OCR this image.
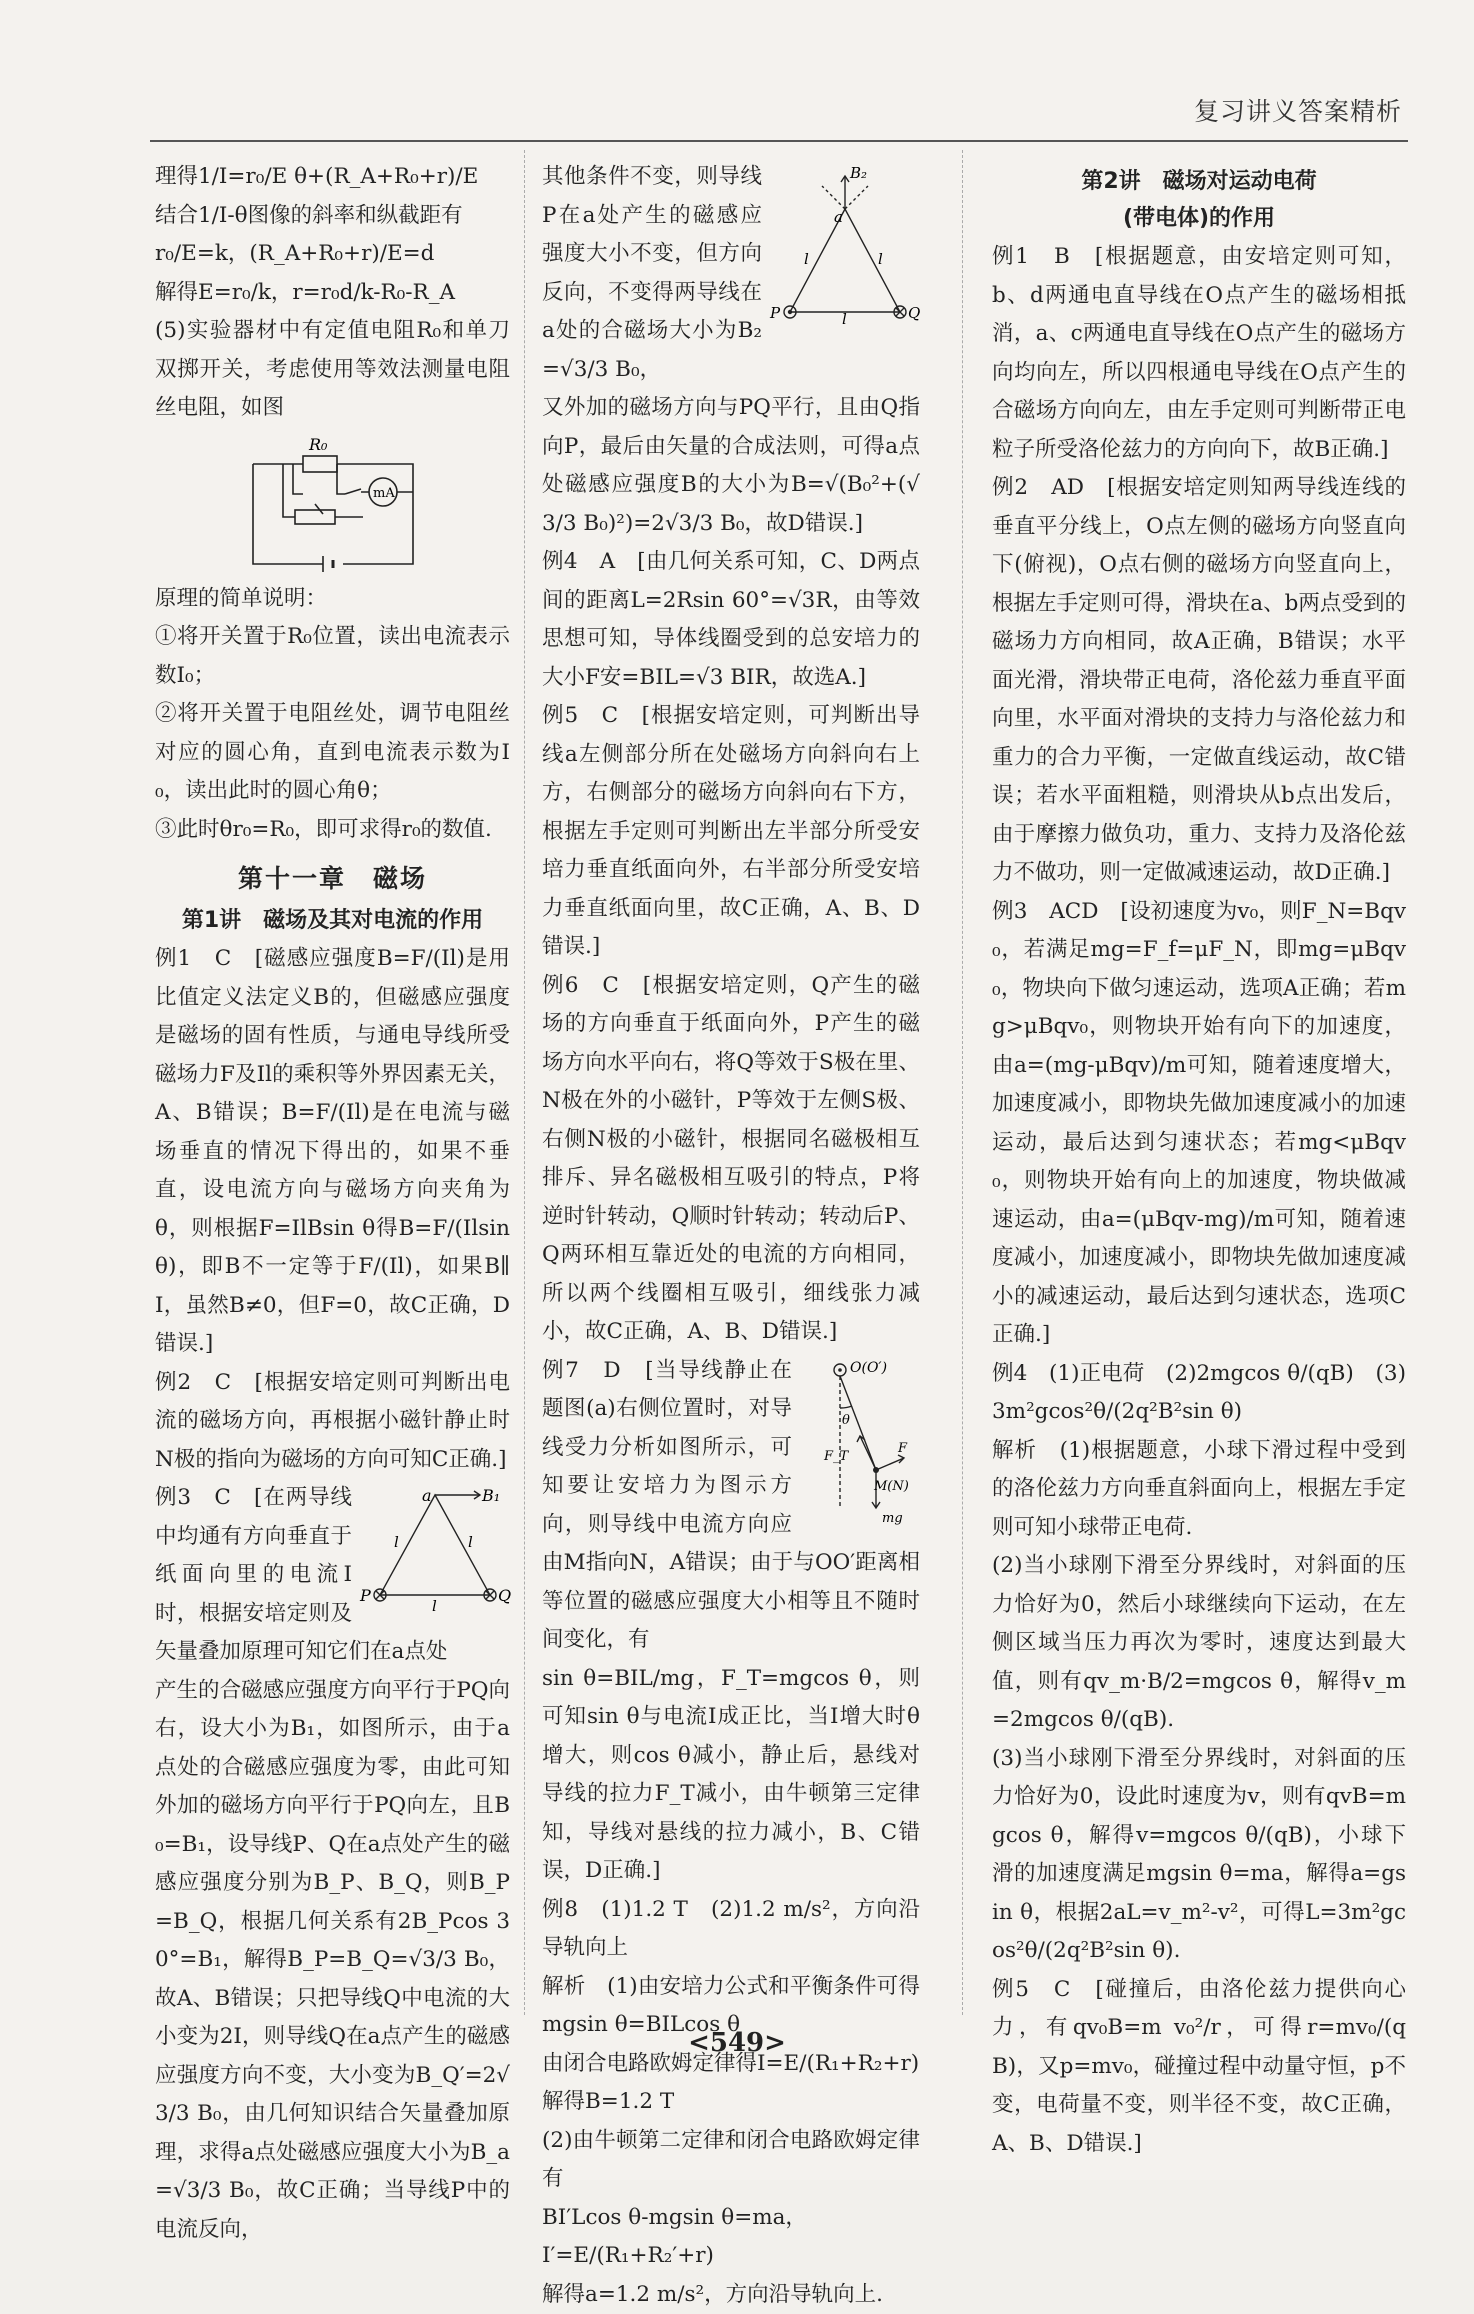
复习讲义答案精析

理得1/I=r₀/E θ+(R_A+R₀+r)/E

结合1/I-θ图像的斜率和纵截距有

r₀/E=k，(R_A+R₀+r)/E=d

解得E=r₀/k，r=r₀d/k-R₀-R_A

(5)实验器材中有定值电阻R₀和单刀双掷开关，考虑使用等效法测量电阻丝电阻，如图

R₀
mA

原理的简单说明：

①将开关置于R₀位置，读出电流表示数I₀；

②将开关置于电阻丝处，调节电阻丝对应的圆心角，直到电流表示数为I₀，读出此时的圆心角θ；

③此时θr₀=R₀，即可求得r₀的数值.

第十一章　磁场
第1讲　磁场及其对电流的作用

例1　C　[磁感应强度B=F/(Il)是用比值定义法定义B的，但磁感应强度是磁场的固有性质，与通电导线所受磁场力F及Il的乘积等外界因素无关，A、B错误；B=F/(Il)是在电流与磁场垂直的情况下得出的，如果不垂直，设电流方向与磁场方向夹角为θ，则根据F=IlBsin θ得B=F/(Ilsin θ)，即B不一定等于F/(Il)，如果B∥I，虽然B≠0，但F=0，故C正确，D错误.]

例2　C　[根据安培定则可判断出电流的磁场方向，再根据小磁针静止时N极的指向为磁场的方向可知C正确.]

a	B₁
l	l
l
P	Q

例3　C　[在两导线中均通有方向垂直于纸面向里的电流I时，根据安培定则及矢量叠加原理可知它们在a点处

产生的合磁感应强度方向平行于PQ向右，设大小为B₁，如图所示，由于a点处的合磁感应强度为零，由此可知外加的磁场方向平行于PQ向左，且B₀=B₁，设导线P、Q在a点处产生的磁感应强度分别为B_P、B_Q，则B_P=B_Q，根据几何关系有2B_Pcos 30°=B₁，解得B_P=B_Q=√3/3 B₀，故A、B错误；只把导线Q中电流的大小变为2I，则导线Q在a点产生的磁感应强度方向不变，大小变为B_Q′=2√3/3 B₀，由几何知识结合矢量叠加原理，求得a点处磁感应强度大小为B_a=√3/3 B₀，故C正确；当导线P中的电流反向，

B₂
a
l	l
l
P	Q

其他条件不变，则导线P在a处产生的磁感应强度大小不变，但方向反向，不变得两导线在a处的合磁场大小为B₂=√3/3 B₀，

又外加的磁场方向与PQ平行，且由Q指向P，最后由矢量的合成法则，可得a点处磁感应强度B的大小为B=√(B₀²+(√3/3 B₀)²)=2√3/3 B₀，故D错误.]

例4　A　[由几何关系可知，C、D两点间的距离L=2Rsin 60°=√3R，由等效思想可知，导体线圈受到的总安培力的大小F安=BIL=√3 BIR，故选A.]

例5　C　[根据安培定则，可判断出导线a左侧部分所在处磁场方向斜向右上方，右侧部分的磁场方向斜向右下方，根据左手定则可判断出左半部分所受安培力垂直纸面向外，右半部分所受安培力垂直纸面向里，故C正确，A、B、D错误.]

例6　C　[根据安培定则，Q产生的磁场的方向垂直于纸面向外，P产生的磁场方向水平向右，将Q等效于S极在里、N极在外的小磁针，P等效于左侧S极、右侧N极的小磁针，根据同名磁极相互排斥、异名磁极相互吸引的特点，P将逆时针转动，Q顺时针转动；转动后P、Q两环相互靠近处的电流的方向相同，所以两个线圈相互吸引，细线张力减小，故C正确，A、B、D错误.]

O(O′)
θ
F_T
F
M(N)
mg

例7　D　[当导线静止在题图(a)右侧位置时，对导线受力分析如图所示，可知要让安培力为图示方向，则导线中电流方向应由M指向N，A错误；由于与OO′距离相等位置的磁感应强度大小相等且不随时间变化，有

sin θ=BIL/mg，F_T=mgcos θ，则可知sin θ与电流I成正比，当I增大时θ增大，则cos θ减小，静止后，悬线对导线的拉力F_T减小，由牛顿第三定律知，导线对悬线的拉力减小，B、C错误，D正确.]

例8　(1)1.2 T　(2)1.2 m/s²，方向沿导轨向上

解析　(1)由安培力公式和平衡条件可得mgsin θ=BILcos θ

由闭合电路欧姆定律得I=E/(R₁+R₂+r)

解得B=1.2 T

(2)由牛顿第二定律和闭合电路欧姆定律有

BI′Lcos θ-mgsin θ=ma，

I′=E/(R₁+R₂′+r)

解得a=1.2 m/s²，方向沿导轨向上.

第2讲　磁场对运动电荷
(带电体)的作用

例1　B　[根据题意，由安培定则可知，b、d两通电直导线在O点产生的磁场相抵消，a、c两通电直导线在O点产生的磁场方向均向左，所以四根通电导线在O点产生的合磁场方向向左，由左手定则可判断带正电粒子所受洛伦兹力的方向向下，故B正确.]

例2　AD　[根据安培定则知两导线连线的垂直平分线上，O点左侧的磁场方向竖直向下(俯视)，O点右侧的磁场方向竖直向上，根据左手定则可得，滑块在a、b两点受到的磁场力方向相同，故A正确，B错误；水平面光滑，滑块带正电荷，洛伦兹力垂直平面向里，水平面对滑块的支持力与洛伦兹力和重力的合力平衡，一定做直线运动，故C错误；若水平面粗糙，则滑块从b点出发后，由于摩擦力做负功，重力、支持力及洛伦兹力不做功，则一定做减速运动，故D正确.]

例3　ACD　[设初速度为v₀，则F_N=Bqv₀，若满足mg=F_f=μF_N，即mg=μBqv₀，物块向下做匀速运动，选项A正确；若mg>μBqv₀，则物块开始有向下的加速度，由a=(mg-μBqv)/m可知，随着速度增大，加速度减小，即物块先做加速度减小的加速运动，最后达到匀速状态；若mg<μBqv₀，则物块开始有向上的加速度，物块做减速运动，由a=(μBqv-mg)/m可知，随着速度减小，加速度减小，即物块先做加速度减小的减速运动，最后达到匀速状态，选项C正确.]

例4　(1)正电荷　(2)2mgcos θ/(qB)　(3)3m²gcos²θ/(2q²B²sin θ)

解析　(1)根据题意，小球下滑过程中受到的洛伦兹力方向垂直斜面向上，根据左手定则可知小球带正电荷.

(2)当小球刚下滑至分界线时，对斜面的压力恰好为0，然后小球继续向下运动，在左侧区域当压力再次为零时，速度达到最大值，则有qv_m·B/2=mgcos θ，解得v_m=2mgcos θ/(qB).

(3)当小球刚下滑至分界线时，对斜面的压力恰好为0，设此时速度为v，则有qvB=mgcos θ，解得v=mgcos θ/(qB)，小球下滑的加速度满足mgsin θ=ma，解得a=gsin θ，根据2aL=v_m²-v²，可得L=3m²gcos²θ/(2q²B²sin θ).

例5　C　[碰撞后，由洛伦兹力提供向心力，有qv₀B=m v₀²/r，可得r=mv₀/(qB)，又p=mv₀，碰撞过程中动量守恒，p不变，电荷量不变，则半径不变，故C正确，A、B、D错误.]

<549>
